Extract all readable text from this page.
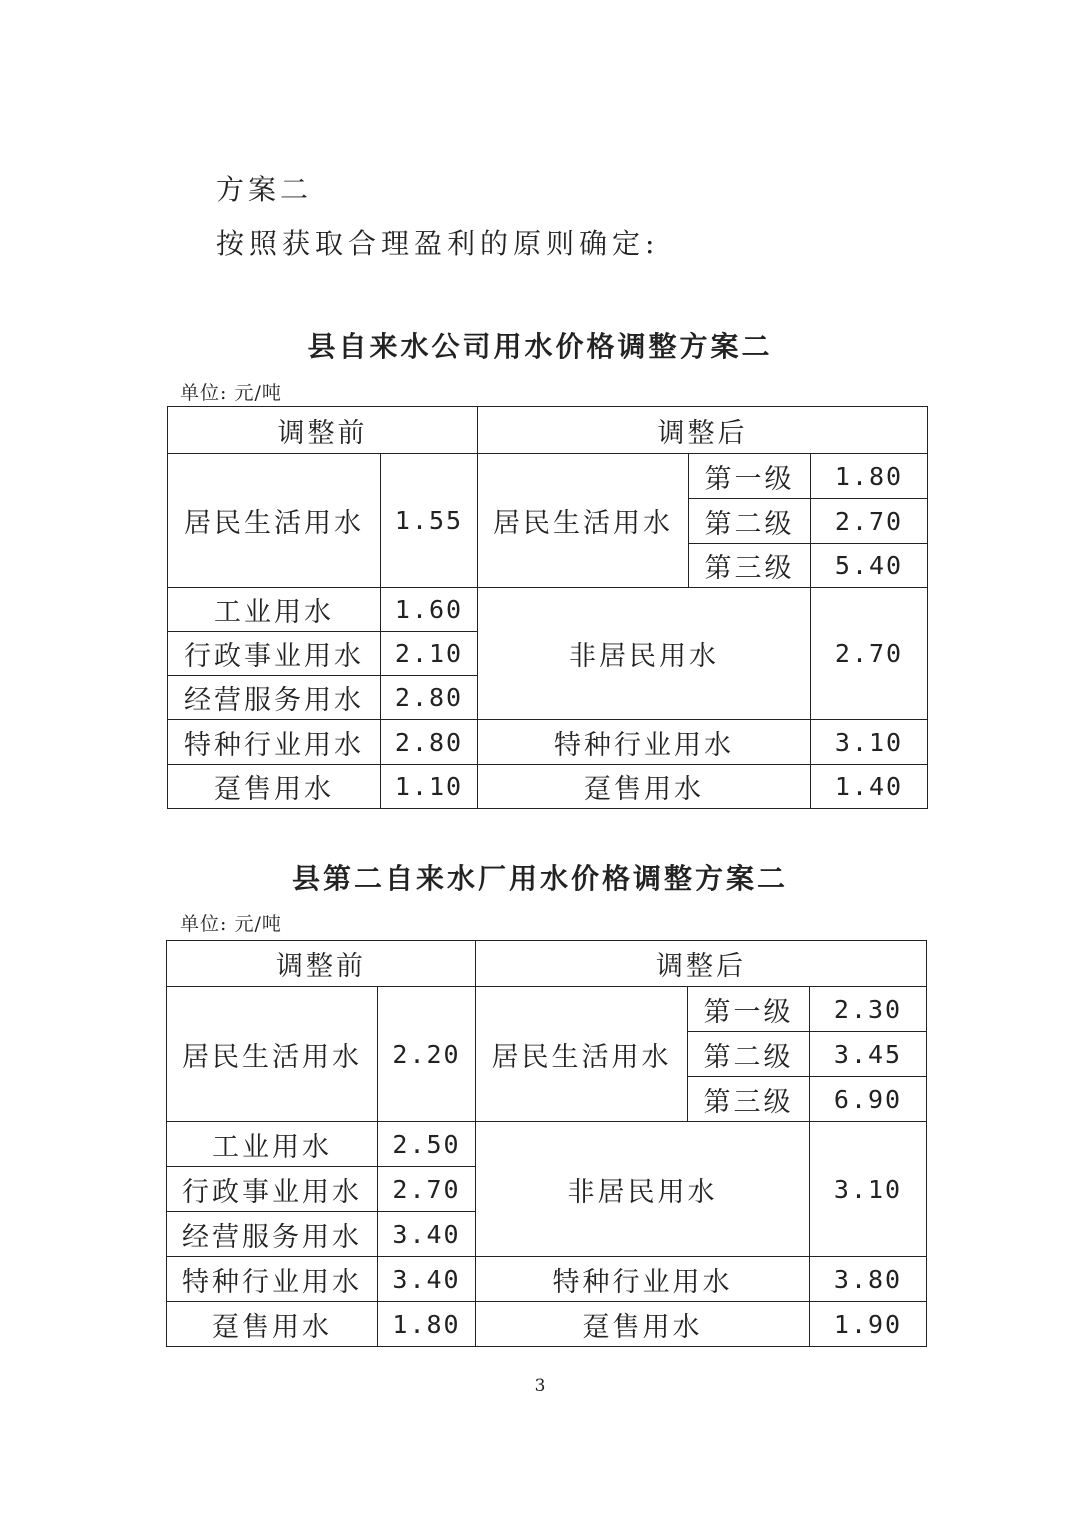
方案二
按照获取合理盈利的原则确定:
县自来水公司用水价格调整方案二
单位: 元/吨
调整前		调整后		
居民生活用水	1.55	居民生活用水	第一级	1.80
			第二级	2.70
			第三级	5.40
工业用水	1.60	非居民用水		2.70
行政事业用水	2.10			
经营服务用水	2.80			
特种行业用水	2.80	特种行业用水		3.10
趸售用水	1.10	趸售用水		1.40
县第二自来水厂用水价格调整方案二
单位: 元/吨
调整前		调整后		
居民生活用水	2.20	居民生活用水	第一级	2.30
			第二级	3.45
			第三级	6.90
工业用水	2.50	非居民用水		3.10
行政事业用水	2.70			
经营服务用水	3.40			
特种行业用水	3.40	特种行业用水		3.80
趸售用水	1.80	趸售用水		1.90
3
